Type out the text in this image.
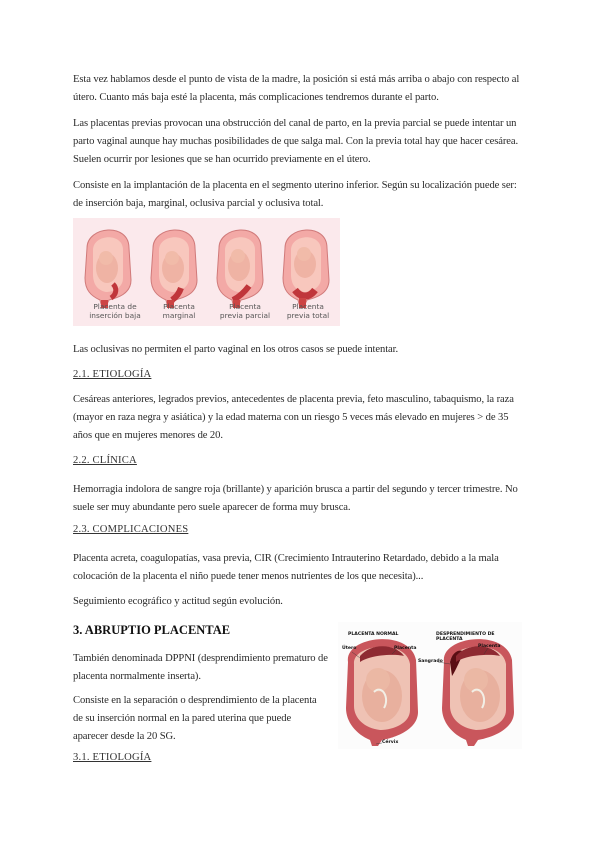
Esta vez hablamos desde el punto de vista de la madre, la posición si está más arriba o abajo con respecto al útero. Cuanto más baja esté la placenta, más complicaciones tendremos durante el parto.

Las placentas previas provocan una obstrucción del canal de parto, en la previa parcial se puede intentar un parto vaginal aunque hay muchas posibilidades de que salga mal. Con la previa total hay que hacer cesárea. Suelen ocurrir por lesiones que se han ocurrido previamente en el útero.

Consiste en la implantación de la placenta en el segmento uterino inferior. Según su localización puede ser: de inserción baja, marginal, oclusiva parcial y oclusiva total.

Placenta de
inserción baja
Placenta
marginal
Placenta
previa parcial
Placenta
previa total

Las oclusivas no permiten el parto vaginal en los otros casos se puede intentar.

2.1. ETIOLOGÍA

Cesáreas anteriores, legrados previos, antecedentes de placenta previa, feto masculino, tabaquismo, la raza (mayor en raza negra y asiática) y la edad materna con un riesgo 5 veces más elevado en mujeres > de 35 años que en mujeres menores de 20.

2.2. CLÍNICA

Hemorragia indolora de sangre roja (brillante) y aparición brusca a partir del segundo y tercer trimestre. No suele ser muy abundante pero suele aparecer de forma muy brusca.

2.3. COMPLICACIONES

Placenta acreta, coagulopatías, vasa previa, CIR (Crecimiento Intrauterino Retardado, debido a la mala colocación de la placenta el niño puede tener menos nutrientes de los que necesita)...

Seguimiento ecográfico y actitud según evolución.

3. ABRUPTIO PLACENTAE

También denominada DPPNI (desprendimiento prematuro de placenta normalmente inserta).

Consiste en la separación o desprendimiento de la placenta de su inserción normal en la pared uterina que puede aparecer desde la 20 SG.

3.1. ETIOLOGÍA
PLACENTA NORMAL	DESPRENDIMIENTO DE PLACENTA
Útero	Placenta
Sangrado
Placenta
Cérvix
